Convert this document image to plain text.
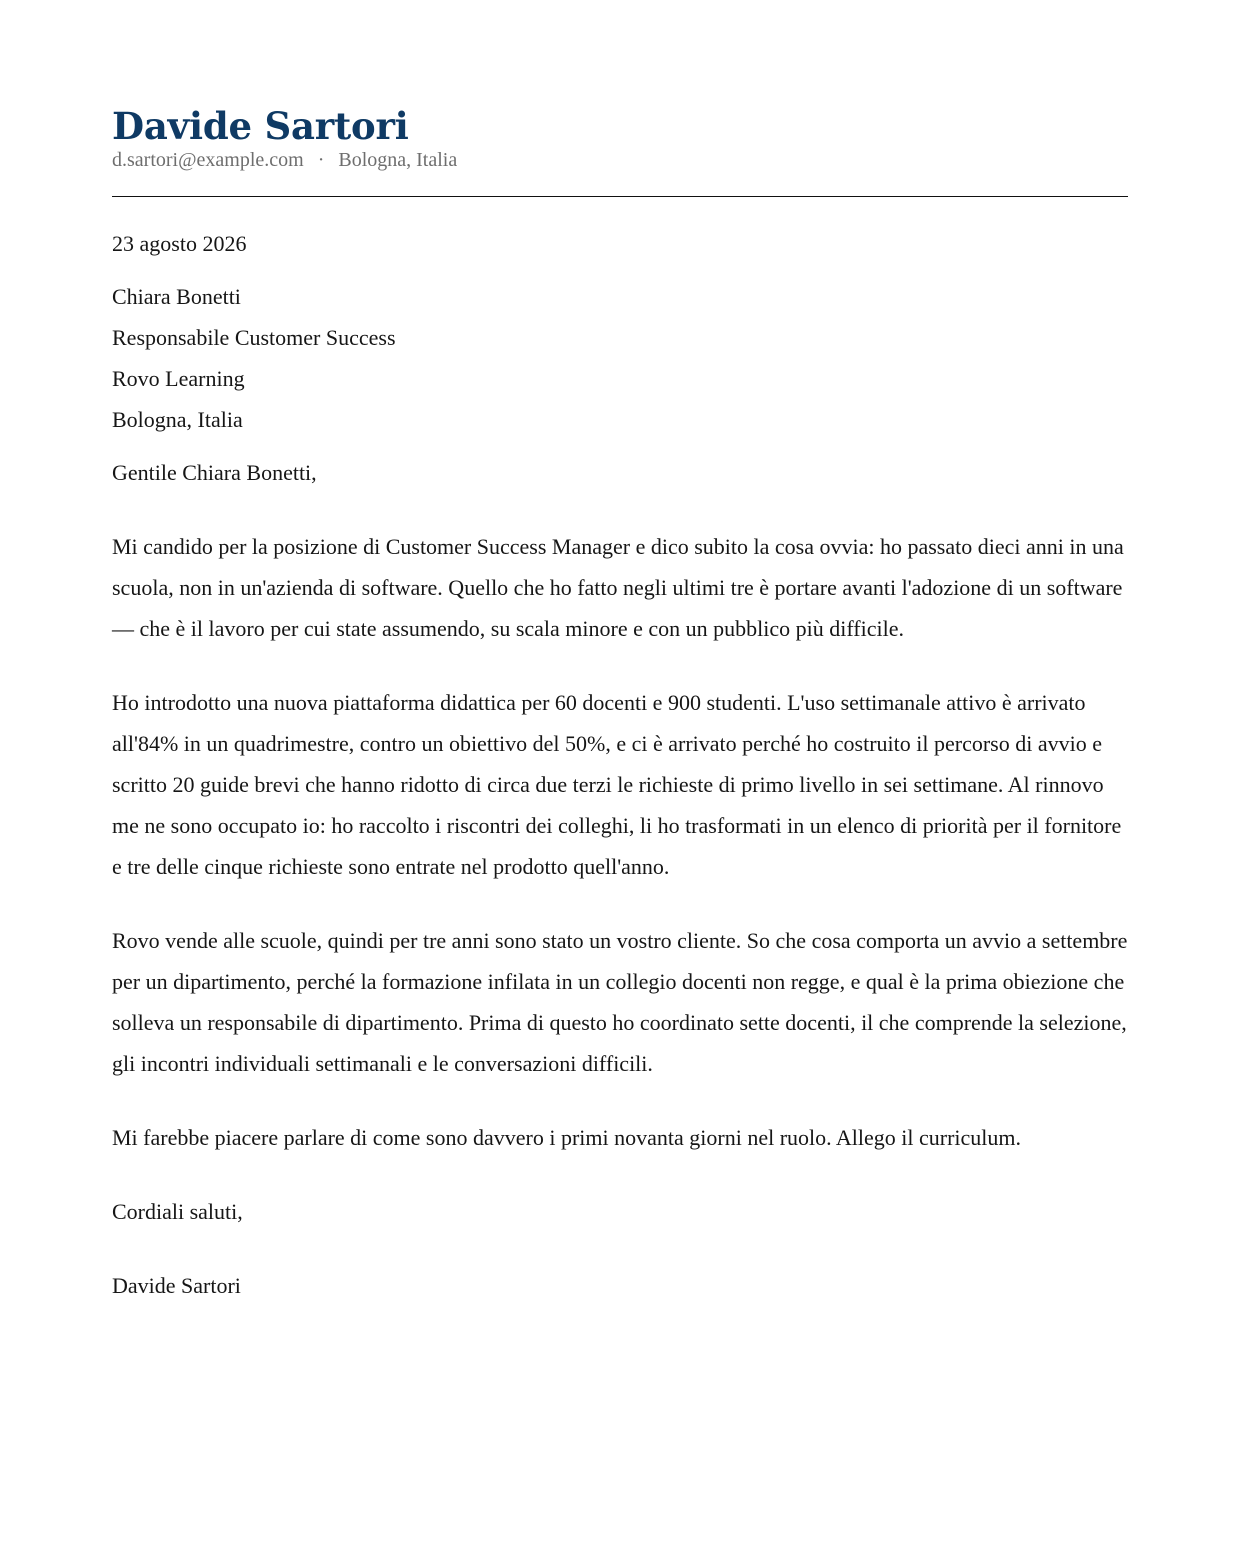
Davide Sartori
d.sartori@example.com · Bologna, Italia
23 agosto 2026
Chiara Bonetti
Responsabile Customer Success
Rovo Learning
Bologna, Italia
Gentile Chiara Bonetti,
Mi candido per la posizione di Customer Success Manager e dico subito la cosa ovvia: ho passato dieci anni in una scuola, non in un'azienda di software. Quello che ho fatto negli ultimi tre è portare avanti l'adozione di un software — che è il lavoro per cui state assumendo, su scala minore e con un pubblico più difficile.
Ho introdotto una nuova piattaforma didattica per 60 docenti e 900 studenti. L'uso settimanale attivo è arrivato all'84% in un quadrimestre, contro un obiettivo del 50%, e ci è arrivato perché ho costruito il percorso di avvio e scritto 20 guide brevi che hanno ridotto di circa due terzi le richieste di primo livello in sei settimane. Al rinnovo me ne sono occupato io: ho raccolto i riscontri dei colleghi, li ho trasformati in un elenco di priorità per il fornitore e tre delle cinque richieste sono entrate nel prodotto quell'anno.
Rovo vende alle scuole, quindi per tre anni sono stato un vostro cliente. So che cosa comporta un avvio a settembre per un dipartimento, perché la formazione infilata in un collegio docenti non regge, e qual è la prima obiezione che solleva un responsabile di dipartimento. Prima di questo ho coordinato sette docenti, il che comprende la selezione, gli incontri individuali settimanali e le conversazioni difficili.
Mi farebbe piacere parlare di come sono davvero i primi novanta giorni nel ruolo. Allego il curriculum.
Cordiali saluti,
Davide Sartori
